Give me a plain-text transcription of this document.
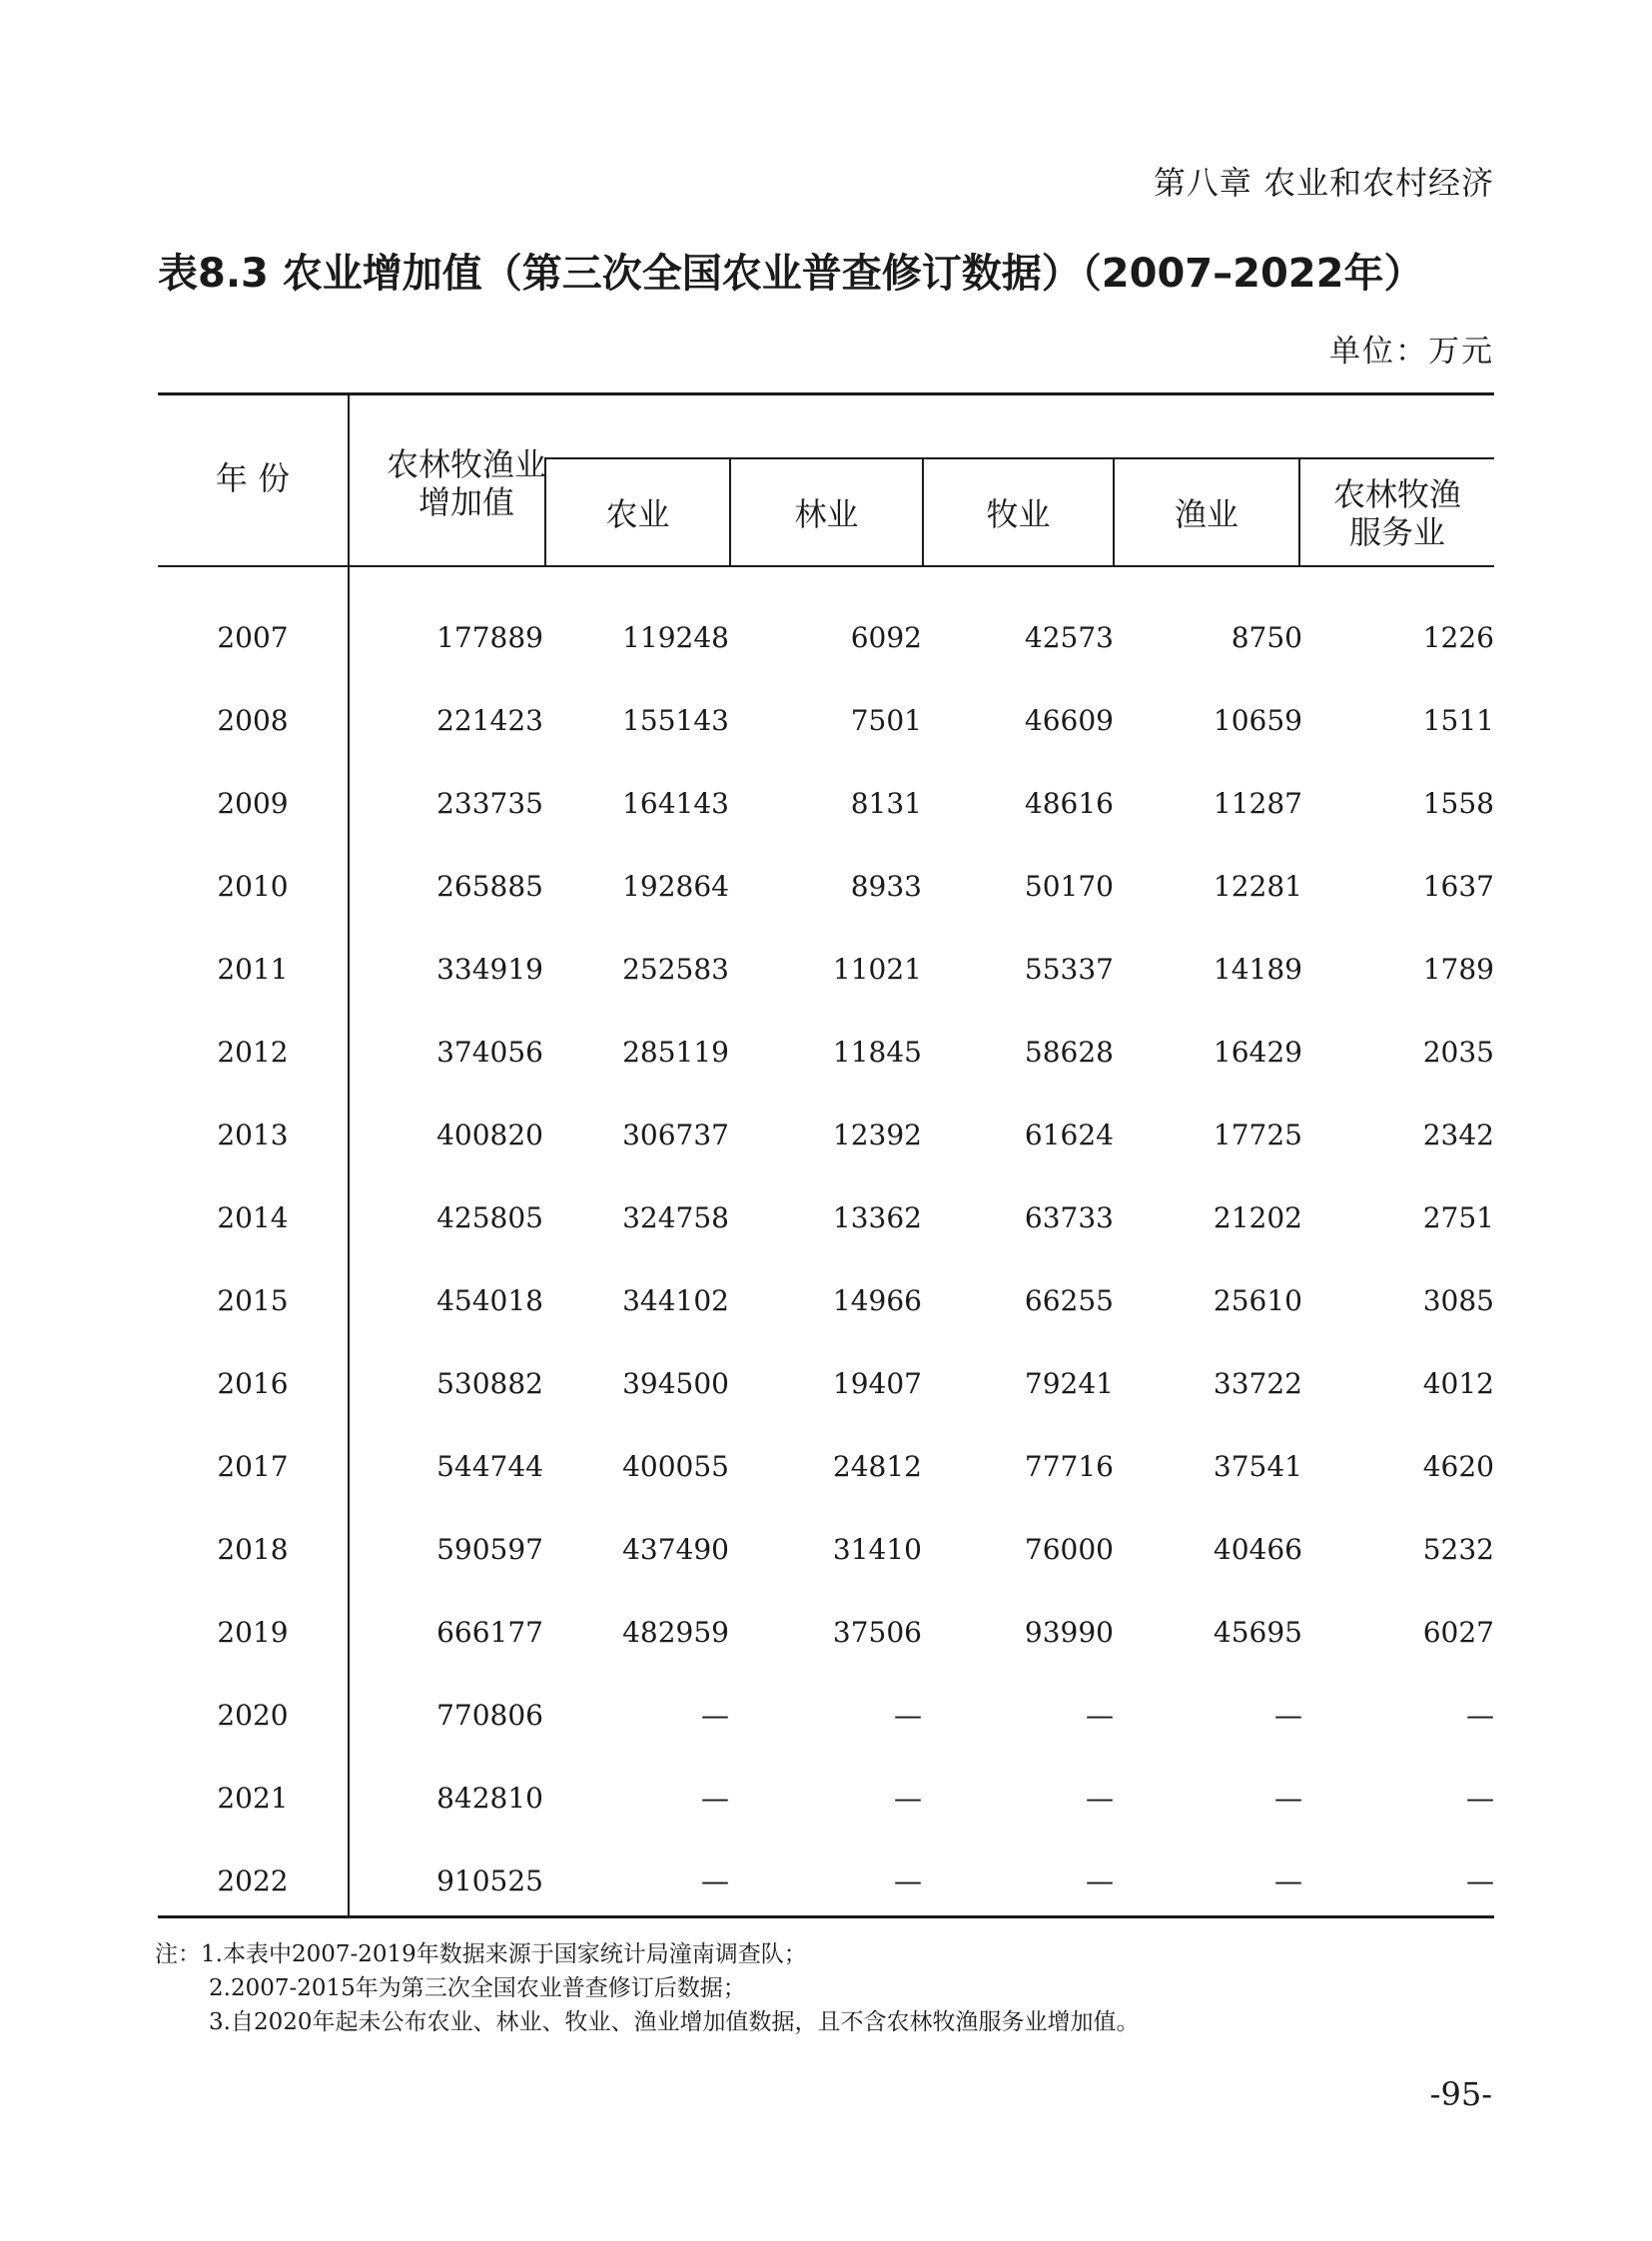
第八章 农业和农村经济
表8.3 农业增加值（第三次全国农业普查修订数据）（2007–2022年）
单位：万元
年 份	农林牧渔业
增加值	农业	林业	牧业	渔业
农林牧渔
服务业
2007	177889	119248	6092	42573	8750	1226
2008	221423	155143	7501	46609	10659	1511
2009	233735	164143	8131	48616	11287	1558
2010	265885	192864	8933	50170	12281	1637
2011	334919	252583	11021	55337	14189	1789
2012	374056	285119	11845	58628	16429	2035
2013	400820	306737	12392	61624	17725	2342
2014	425805	324758	13362	63733	21202	2751
2015	454018	344102	14966	66255	25610	3085
2016	530882	394500	19407	79241	33722	4012
2017	544744	400055	24812	77716	37541	4620
2018	590597	437490	31410	76000	40466	5232
2019	666177	482959	37506	93990	45695	6027
2020	770806	—	—	—	—	—
2021	842810	—	—	—	—	—
2022	910525	—	—	—	—	—
注：1.本表中2007-2019年数据来源于国家统计局潼南调查队；
2.2007-2015年为第三次全国农业普查修订后数据；
3.自2020年起未公布农业、林业、牧业、渔业增加值数据，且不含农林牧渔服务业增加值。
-95-
